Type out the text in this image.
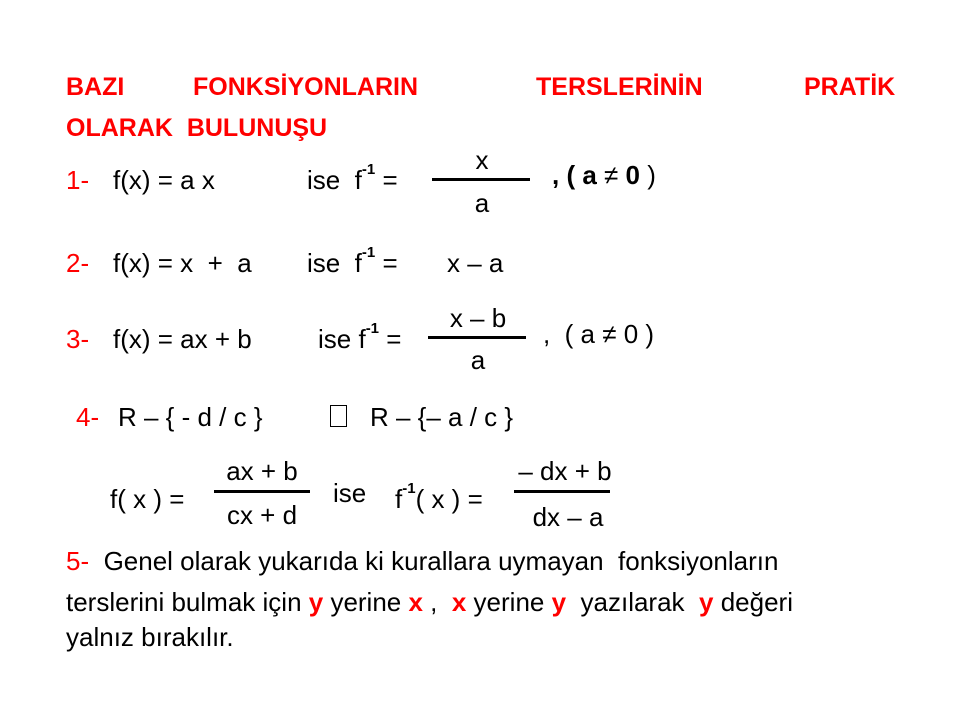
BAZI	FONKSİYONLARIN	TERSLERİNİN	PRATİK
OLARAK  BULUNUŞU
1- f(x) = a x	ise  $f^{-1}$ =
x
a
, ( a ≠ 0 )
2- f(x) = x  +  a ise  $f^{-1} = x - a$
3- f(x) = ax + b	ise $f^{-1}$ =
x – b
a
,  ( a ≠ 0 )
4- R – { - d / c }	R – {– a / c }
f( x ) =
ax + b
cx + d
ise $f^{-1}$( x ) =
– dx + b
dx – a
5- Genel olarak yukarıda ki kurallara uymayan  fonksiyonların
terslerini bulmak için y yerine x ,  x yerine y  yazılarak  y değeri
yalnız bırakılır.
